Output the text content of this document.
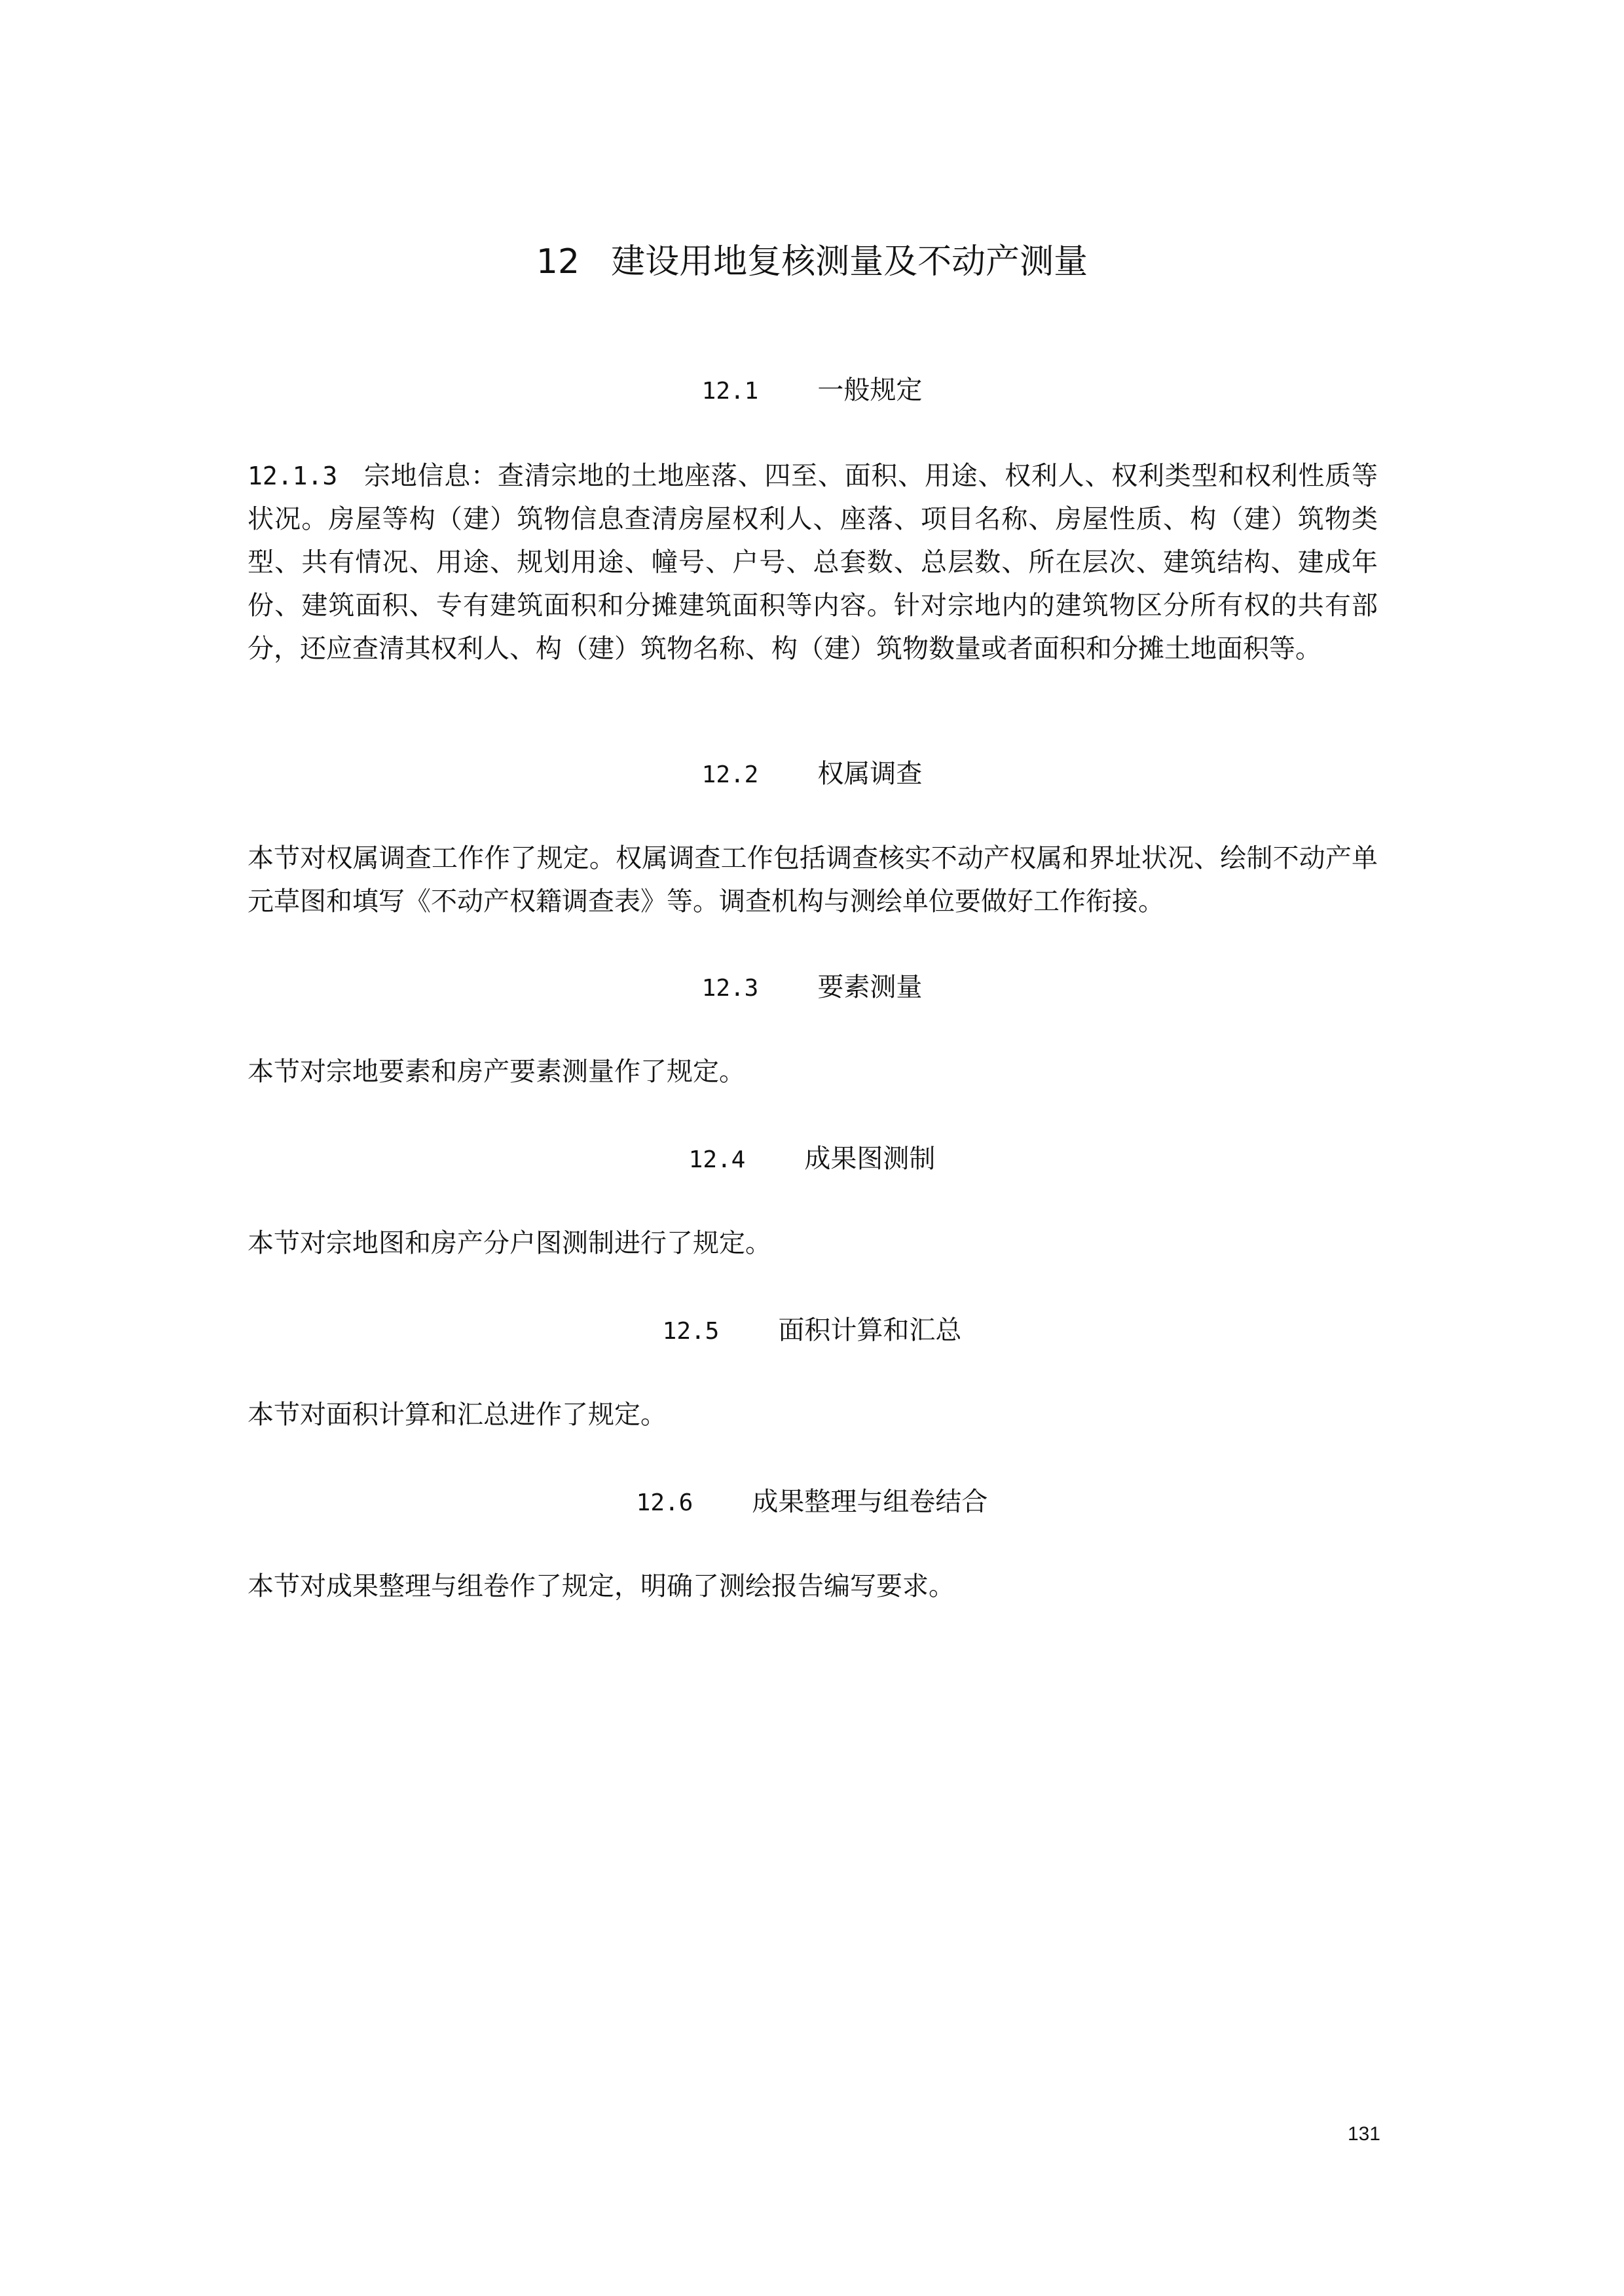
12 建设用地复核测量及不动产测量
12.1 一般规定

12.1.3 宗地信息：查清宗地的土地座落、四至、面积、用途、权利人、权利类型和权利性质等状况。房屋等构（建）筑物信息查清房屋权利人、座落、项目名称、房屋性质、构（建）筑物类型、共有情况、用途、规划用途、幢号、户号、总套数、总层数、所在层次、建筑结构、建成年份、建筑面积、专有建筑面积和分摊建筑面积等内容。针对宗地内的建筑物区分所有权的共有部分，还应查清其权利人、构（建）筑物名称、构（建）筑物数量或者面积和分摊土地面积等。

12.2 权属调查

本节对权属调查工作作了规定。权属调查工作包括调查核实不动产权属和界址状况、绘制不动产单元草图和填写《不动产权籍调查表》等。调查机构与测绘单位要做好工作衔接。

12.3 要素测量

本节对宗地要素和房产要素测量作了规定。

12.4 成果图测制

本节对宗地图和房产分户图测制进行了规定。

12.5 面积计算和汇总

本节对面积计算和汇总进作了规定。

12.6 成果整理与组卷结合

本节对成果整理与组卷作了规定，明确了测绘报告编写要求。

131
